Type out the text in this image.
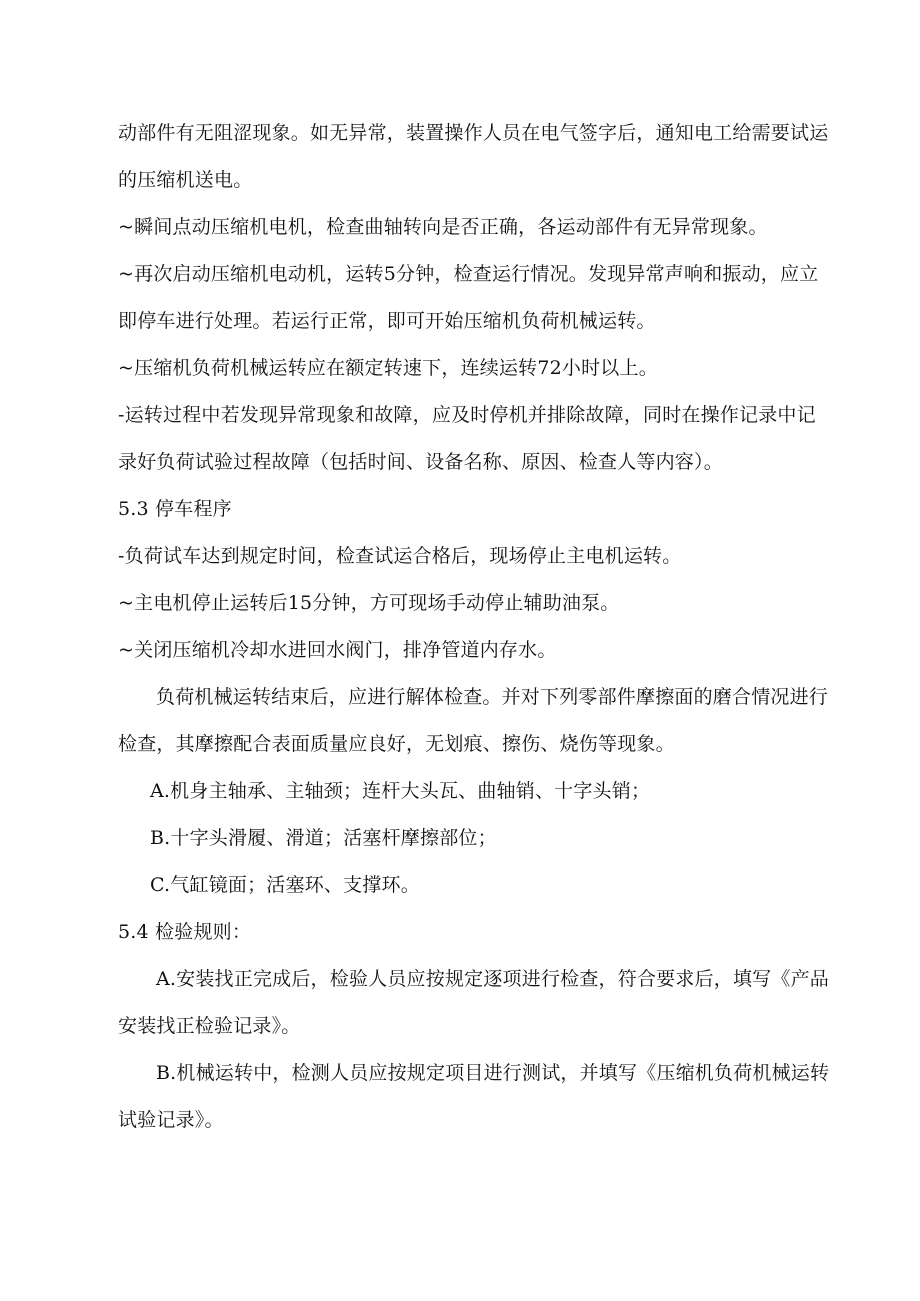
动部件有无阻涩现象。如无异常，装置操作人员在电气签字后，通知电工给需要试运的压缩机送电。

~瞬间点动压缩机电机，检查曲轴转向是否正确，各运动部件有无异常现象。

~再次启动压缩机电动机，运转5分钟，检查运行情况。发现异常声响和振动，应立即停车进行处理。若运行正常，即可开始压缩机负荷机械运转。

~压缩机负荷机械运转应在额定转速下，连续运转72小时以上。

-运转过程中若发现异常现象和故障，应及时停机并排除故障，同时在操作记录中记录好负荷试验过程故障（包括时间、设备名称、原因、检查人等内容）。

5.3 停车程序

-负荷试车达到规定时间，检查试运合格后，现场停止主电机运转。

~主电机停止运转后15分钟，方可现场手动停止辅助油泵。

~关闭压缩机冷却水进回水阀门，排净管道内存水。

负荷机械运转结束后，应进行解体检查。并对下列零部件摩擦面的磨合情况进行检查，其摩擦配合表面质量应良好，无划痕、擦伤、烧伤等现象。

A.机身主轴承、主轴颈；连杆大头瓦、曲轴销、十字头销；

B.十字头滑履、滑道；活塞杆摩擦部位；

C.气缸镜面；活塞环、支撑环。

5.4 检验规则：

A.安装找正完成后，检验人员应按规定逐项进行检查，符合要求后，填写《产品安装找正检验记录》。

B.机械运转中，检测人员应按规定项目进行测试，并填写《压缩机负荷机械运转试验记录》。
